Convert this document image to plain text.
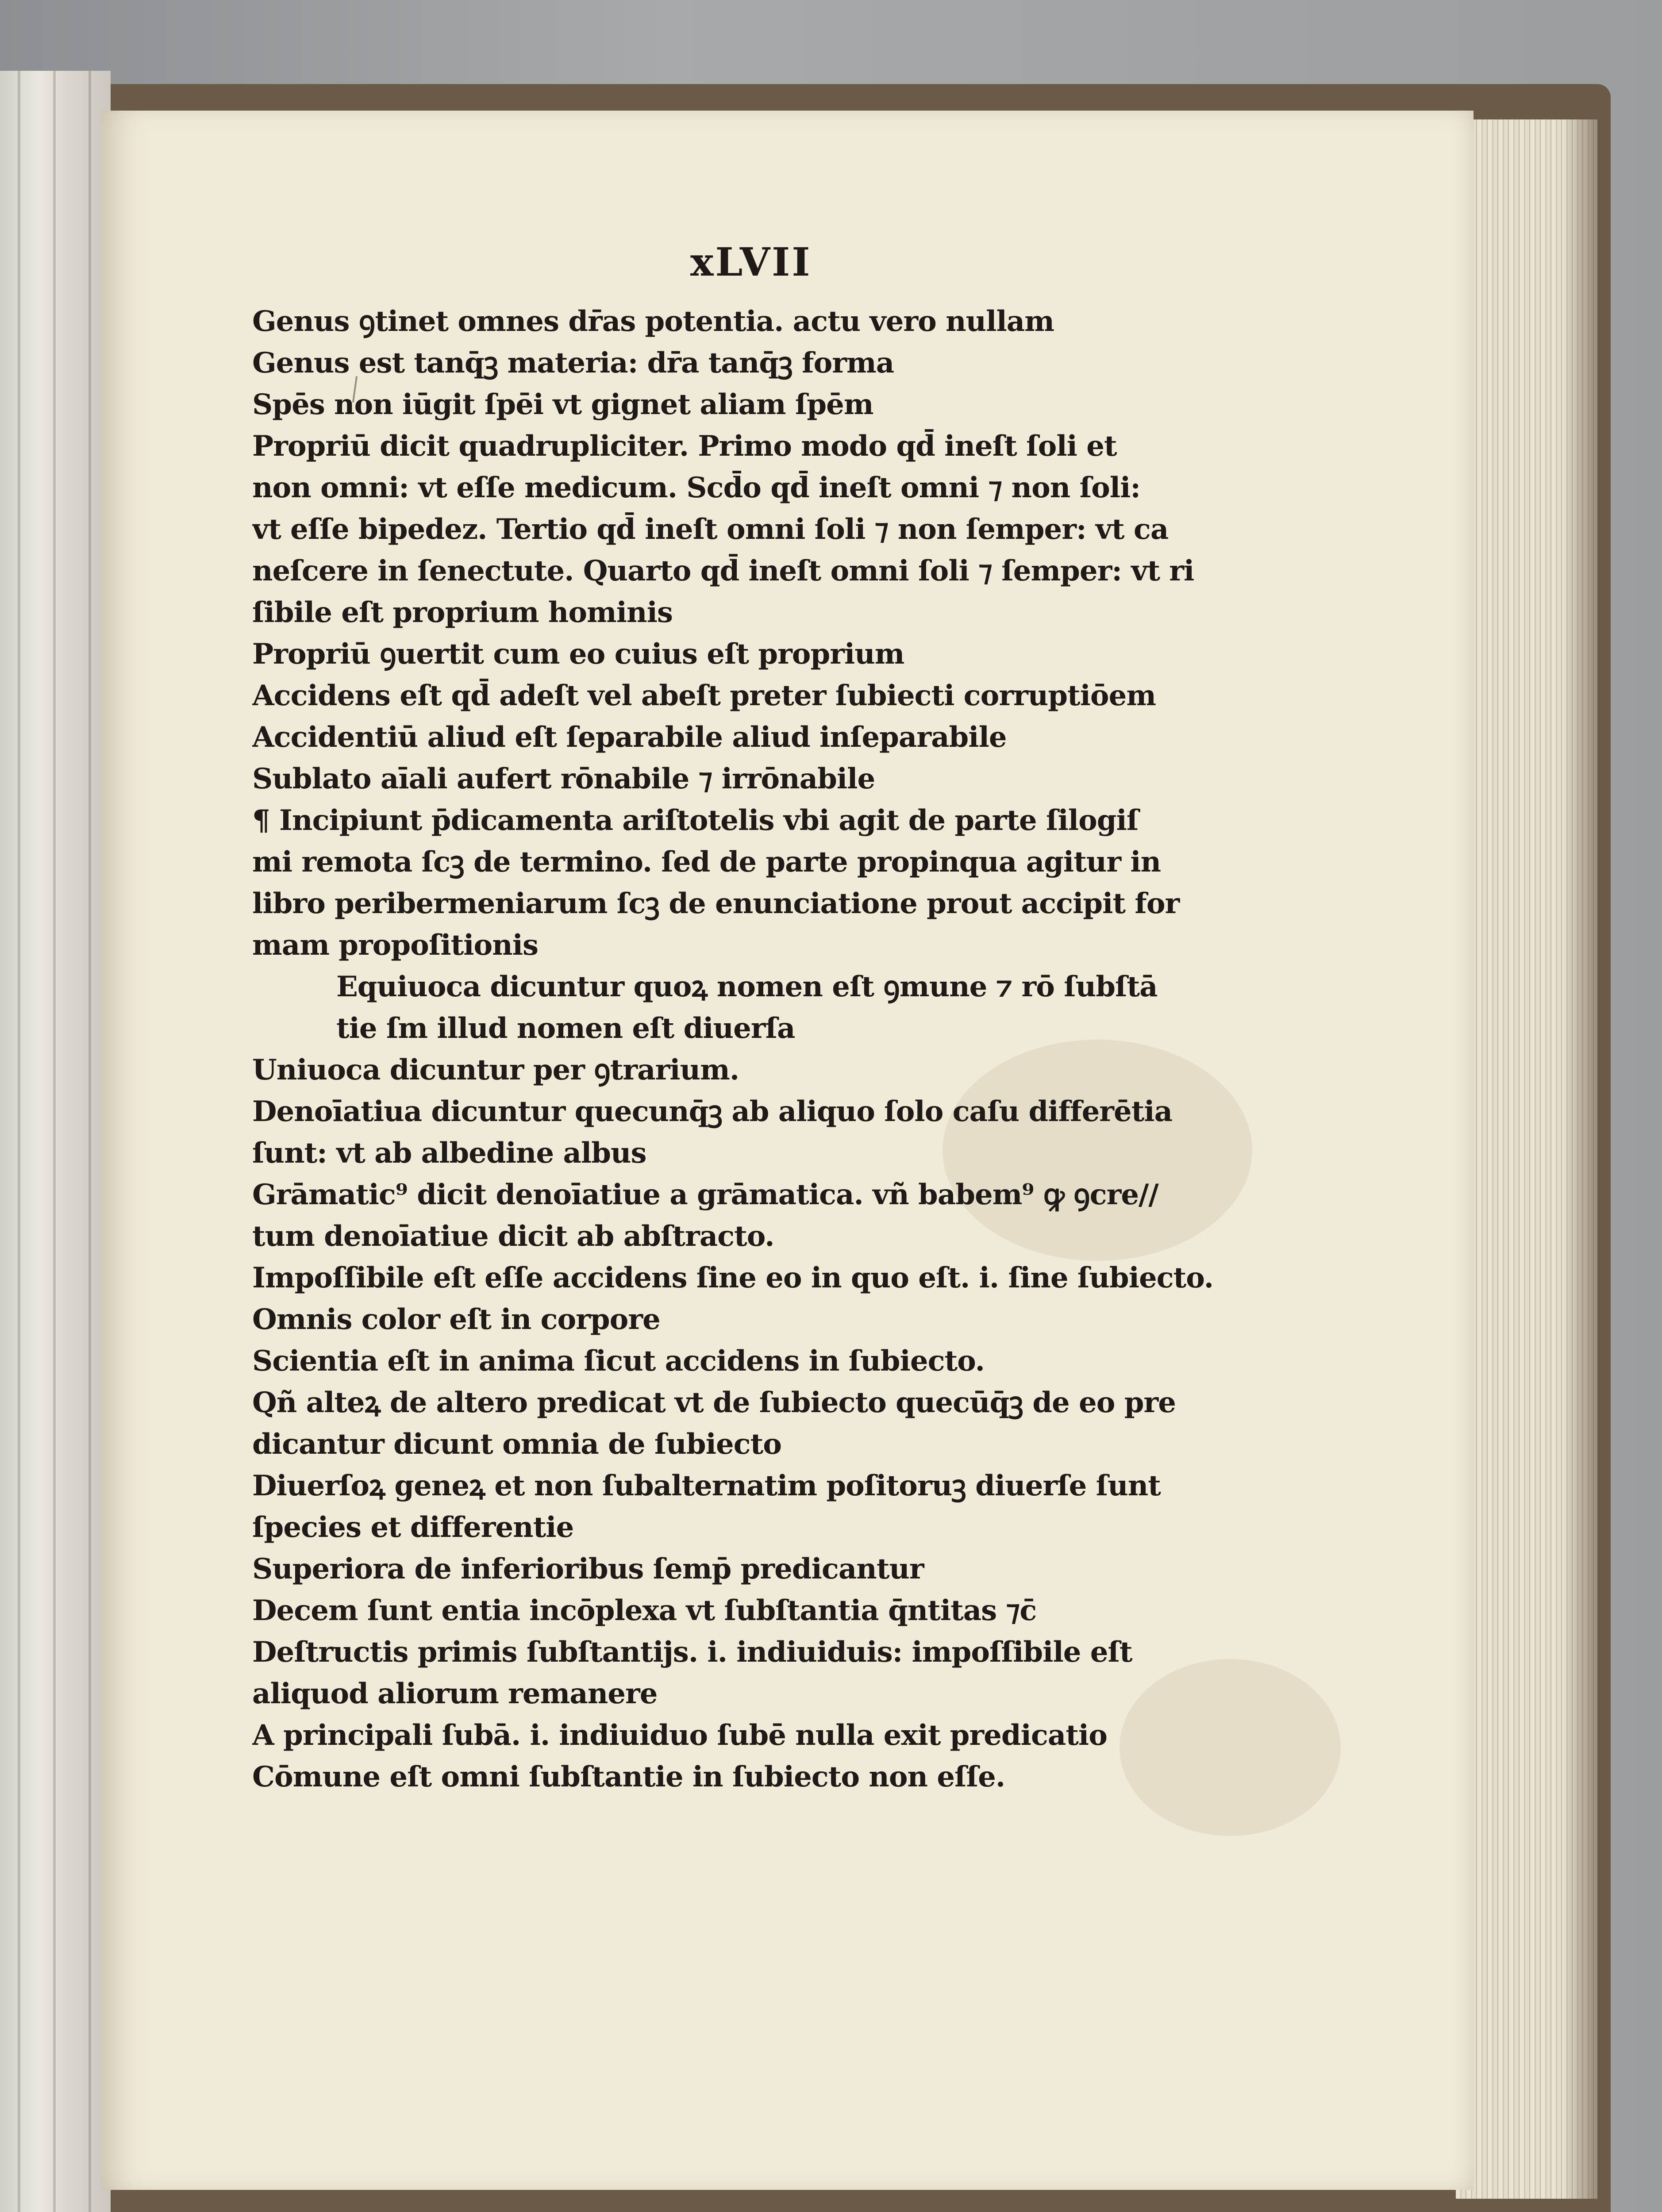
xLVII
Genus ꝯtinet omnes dr̄as potentia. actu vero nullam
Genus est tanq̄ꝫ materia: dr̄a tanq̄ꝫ forma
Spēs non iūgit ſpēi vt gignet aliam ſpēm
Propriū dicit quadrupliciter. Primo modo qd̄ ineſt ſoli et
non omni: vt eſſe medicum. Scd̄o qd̄ ineſt omni ⁊ non ſoli:
vt eſſe bipedez. Tertio qd̄ ineſt omni ſoli ⁊ non ſemper: vt ca
neſcere in ſenectute. Quarto qd̄ ineſt omni ſoli ⁊ ſemper: vt ri
ſibile eſt proprium hominis
Propriū ꝯuertit cum eo cuius eſt proprium
Accidens eſt qd̄ adeſt vel abeſt preter ſubiecti corruptiōem
Accidentiū aliud eſt ſeparabile aliud inſeparabile
Sublato aīali aufert rōnabile ⁊ irrōnabile
¶ Incipiunt p̄dicamenta ariſtotelis vbi agit de parte ſilogiſ
mi remota ſcꝫ de termino. ſed de parte propinqua agitur in
libro peribermeniarum ſcꝫ de enunciatione prout accipit for
mam propoſitionis
Equiuoca dicuntur quoꝝ nomen eſt ꝯmune ⁊ rō ſubſtā
tie ſm illud nomen eſt diuerſa
Uniuoca dicuntur per ꝯtrarium.
Denoīatiua dicuntur quecunq̄ꝫ ab aliquo ſolo caſu differētia
ſunt: vt ab albedine albus
Grāmatic⁹ dicit denoīatiue a grāmatica. vñ babem⁹ ꝙ ꝯcre//
tum denoīatiue dicit ab abſtracto.
Impoſſibile eſt eſſe accidens ſine eo in quo eſt. i. ſine ſubiecto.
Omnis color eſt in corpore
Scientia eſt in anima ſicut accidens in ſubiecto.
Qñ alteꝝ de altero predicat vt de ſubiecto quecūq̄ꝫ de eo pre
dicantur dicunt omnia de ſubiecto
Diuerſoꝝ geneꝝ et non ſubalternatim poſitoruꝫ diuerſe ſunt
ſpecies et differentie
Superiora de inferioribus ſemp̄ predicantur
Decem ſunt entia incōplexa vt ſubſtantia q̄ntitas ⁊c̄
Deſtructis primis ſubſtantijs. i. indiuiduis: impoſſibile eſt
aliquod aliorum remanere
A principali ſubā. i. indiuiduo ſubē nulla exit predicatio
Cōmune eſt omni ſubſtantie in ſubiecto non eſſe.
